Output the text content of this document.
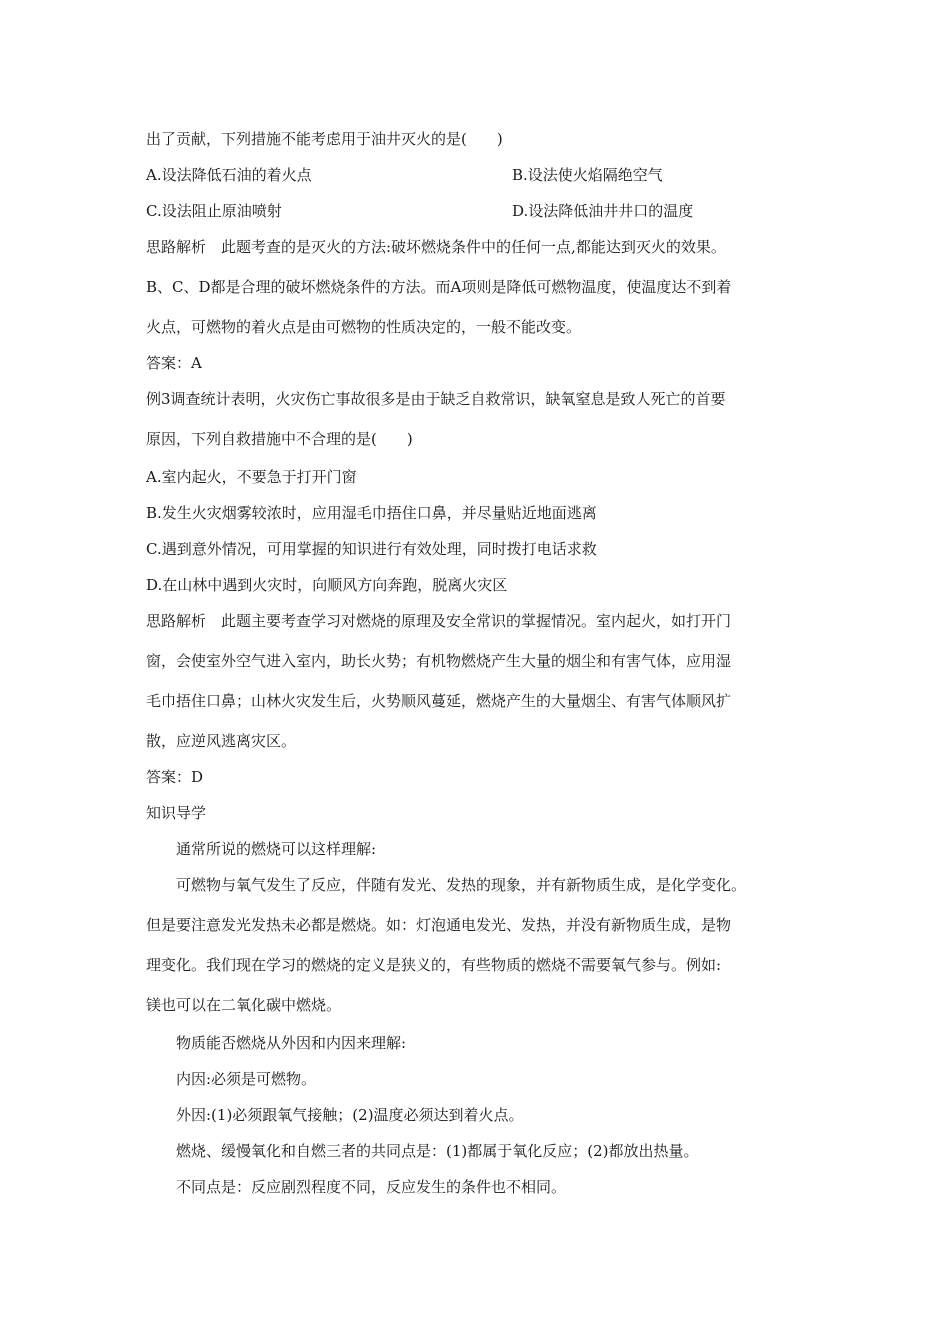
出了贡献，下列措施不能考虑用于油井灭火的是(　　)
A.设法降低石油的着火点	B.设法使火焰隔绝空气
C.设法阻止原油喷射	D.设法降低油井井口的温度
思路解析　此题考查的是灭火的方法:破坏燃烧条件中的任何一点,都能达到灭火的效果。
B、C、D都是合理的破坏燃烧条件的方法。而A项则是降低可燃物温度，使温度达不到着
火点，可燃物的着火点是由可燃物的性质决定的，一般不能改变。
答案：A
例3调查统计表明，火灾伤亡事故很多是由于缺乏自救常识，缺氧窒息是致人死亡的首要
原因，下列自救措施中不合理的是(　　)
A.室内起火，不要急于打开门窗
B.发生火灾烟雾较浓时，应用湿毛巾捂住口鼻，并尽量贴近地面逃离
C.遇到意外情况，可用掌握的知识进行有效处理，同时拨打电话求救
D.在山林中遇到火灾时，向顺风方向奔跑，脱离火灾区
思路解析　此题主要考查学习对燃烧的原理及安全常识的掌握情况。室内起火，如打开门
窗，会使室外空气进入室内，助长火势；有机物燃烧产生大量的烟尘和有害气体，应用湿
毛巾捂住口鼻；山林火灾发生后，火势顺风蔓延，燃烧产生的大量烟尘、有害气体顺风扩
散，应逆风逃离灾区。
答案：D
知识导学
通常所说的燃烧可以这样理解:
可燃物与氧气发生了反应，伴随有发光、发热的现象，并有新物质生成，是化学变化。
但是要注意发光发热未必都是燃烧。如：灯泡通电发光、发热，并没有新物质生成，是物
理变化。我们现在学习的燃烧的定义是狭义的，有些物质的燃烧不需要氧气参与。例如:
镁也可以在二氧化碳中燃烧。
物质能否燃烧从外因和内因来理解:
内因:必须是可燃物。
外因:(1)必须跟氧气接触；(2)温度必须达到着火点。
燃烧、缓慢氧化和自燃三者的共同点是：(1)都属于氧化反应；(2)都放出热量。
不同点是：反应剧烈程度不同，反应发生的条件也不相同。
